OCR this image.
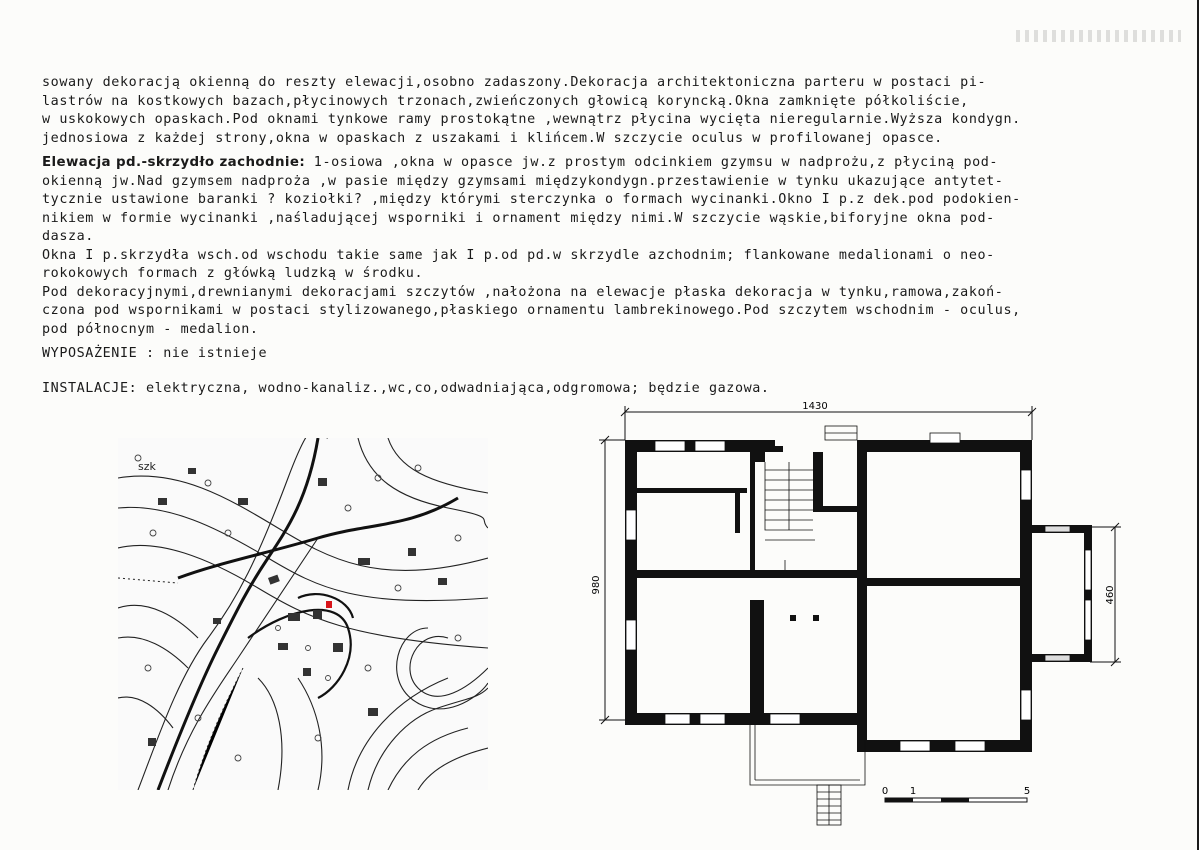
sowany dekoracją okienną do reszty elewacji,osobno zadaszony.Dekoracja architektoniczna parteru w postaci pi-
lastrów na kostkowych bazach,płycinowych trzonach,zwieńczonych głowicą koryncką.Okna zamknięte półkoliście,
w uskokowych opaskach.Pod oknami tynkowe ramy prostokątne ,wewnątrz płycina wycięta nieregularnie.Wyższa kondygn.
jednosiowa z każdej strony,okna w opaskach z uszakami i klińcem.W szczycie oculus w profilowanej opasce.
Elewacja pd.-skrzydło zachodnie: 1-osiowa ,okna w opasce jw.z prostym odcinkiem gzymsu w nadprożu,z płyciną pod-
okienną jw.Nad gzymsem nadproża ,w pasie między gzymsami międzykondygn.przestawienie w tynku ukazujące antytet-
tycznie ustawione baranki ? koziołki? ,między którymi sterczynka o formach wycinanki.Okno I p.z dek.pod podokien-
nikiem w formie wycinanki ,naśladującej wsporniki i ornament między nimi.W szczycie wąskie,biforyjne okna pod-
dasza.
Okna I p.skrzydła wsch.od wschodu takie same jak I p.od pd.w skrzydle azchodnim; flankowane medalionami o neo-
rokokowych formach z główką ludzką w środku.
Pod dekoracyjnymi,drewnianymi dekoracjami szczytów ,nałożona na elewacje płaska dekoracja w tynku,ramowa,zakoń-
czona pod wspornikami w postaci stylizowanego,płaskiego ornamentu lambrekinowego.Pod szczytem wschodnim - oculus,
pod północnym - medalion.
WYPOSAŻENIE : nie istnieje
INSTALACJE: elektryczna, wodno-kanaliz.,wc,co,odwadniająca,odgromowa; będzie gazowa.
szk
1430
980
460
0 1	5
